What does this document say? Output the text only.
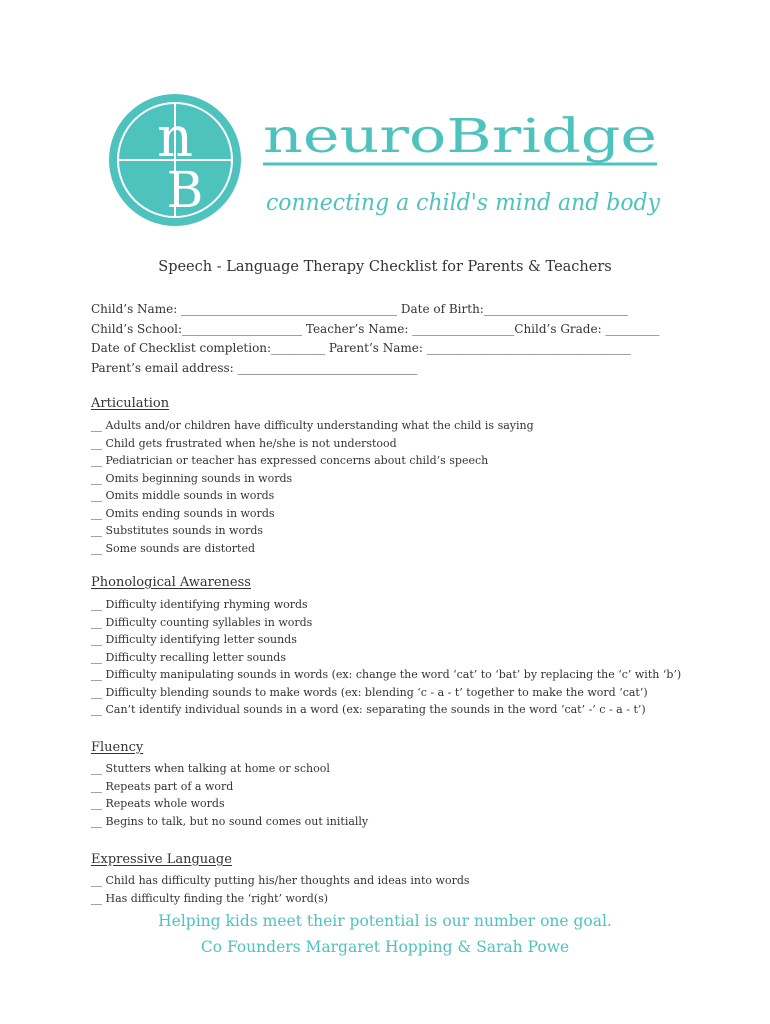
n
B
neuroBridge
connecting a child's mind and body
Speech - Language Therapy Checklist for Parents & Teachers
Child’s Name: ____________________________________ Date of Birth:________________________
Child’s School:____________________ Teacher’s Name: _________________Child’s Grade: _________
Date of Checklist completion:_________ Parent’s Name: __________________________________
Parent’s email address: ______________________________
Articulation
__ Adults and/or children have difficulty understanding what the child is saying
__ Child gets frustrated when he/she is not understood
__ Pediatrician or teacher has expressed concerns about child’s speech
__ Omits beginning sounds in words
__ Omits middle sounds in words
__ Omits ending sounds in words
__ Substitutes sounds in words
__ Some sounds are distorted
Phonological Awareness
__ Difficulty identifying rhyming words
__ Difficulty counting syllables in words
__ Difficulty identifying letter sounds
__ Difficulty recalling letter sounds
__ Difficulty manipulating sounds in words (ex: change the word ‘cat’ to ‘bat’ by replacing the ‘c’ with ‘b’)
__ Difficulty blending sounds to make words (ex: blending ‘c - a - t’ together to make the word ‘cat’)
__ Can’t identify individual sounds in a word (ex: separating the sounds in the word ‘cat’ -’ c - a - t’)
Fluency
__ Stutters when talking at home or school
__ Repeats part of a word
__ Repeats whole words
__ Begins to talk, but no sound comes out initially
Expressive Language
__ Child has difficulty putting his/her thoughts and ideas into words
__ Has difficulty finding the ‘right’ word(s)
Helping kids meet their potential is our number one goal.
Co Founders Margaret Hopping & Sarah Powe
